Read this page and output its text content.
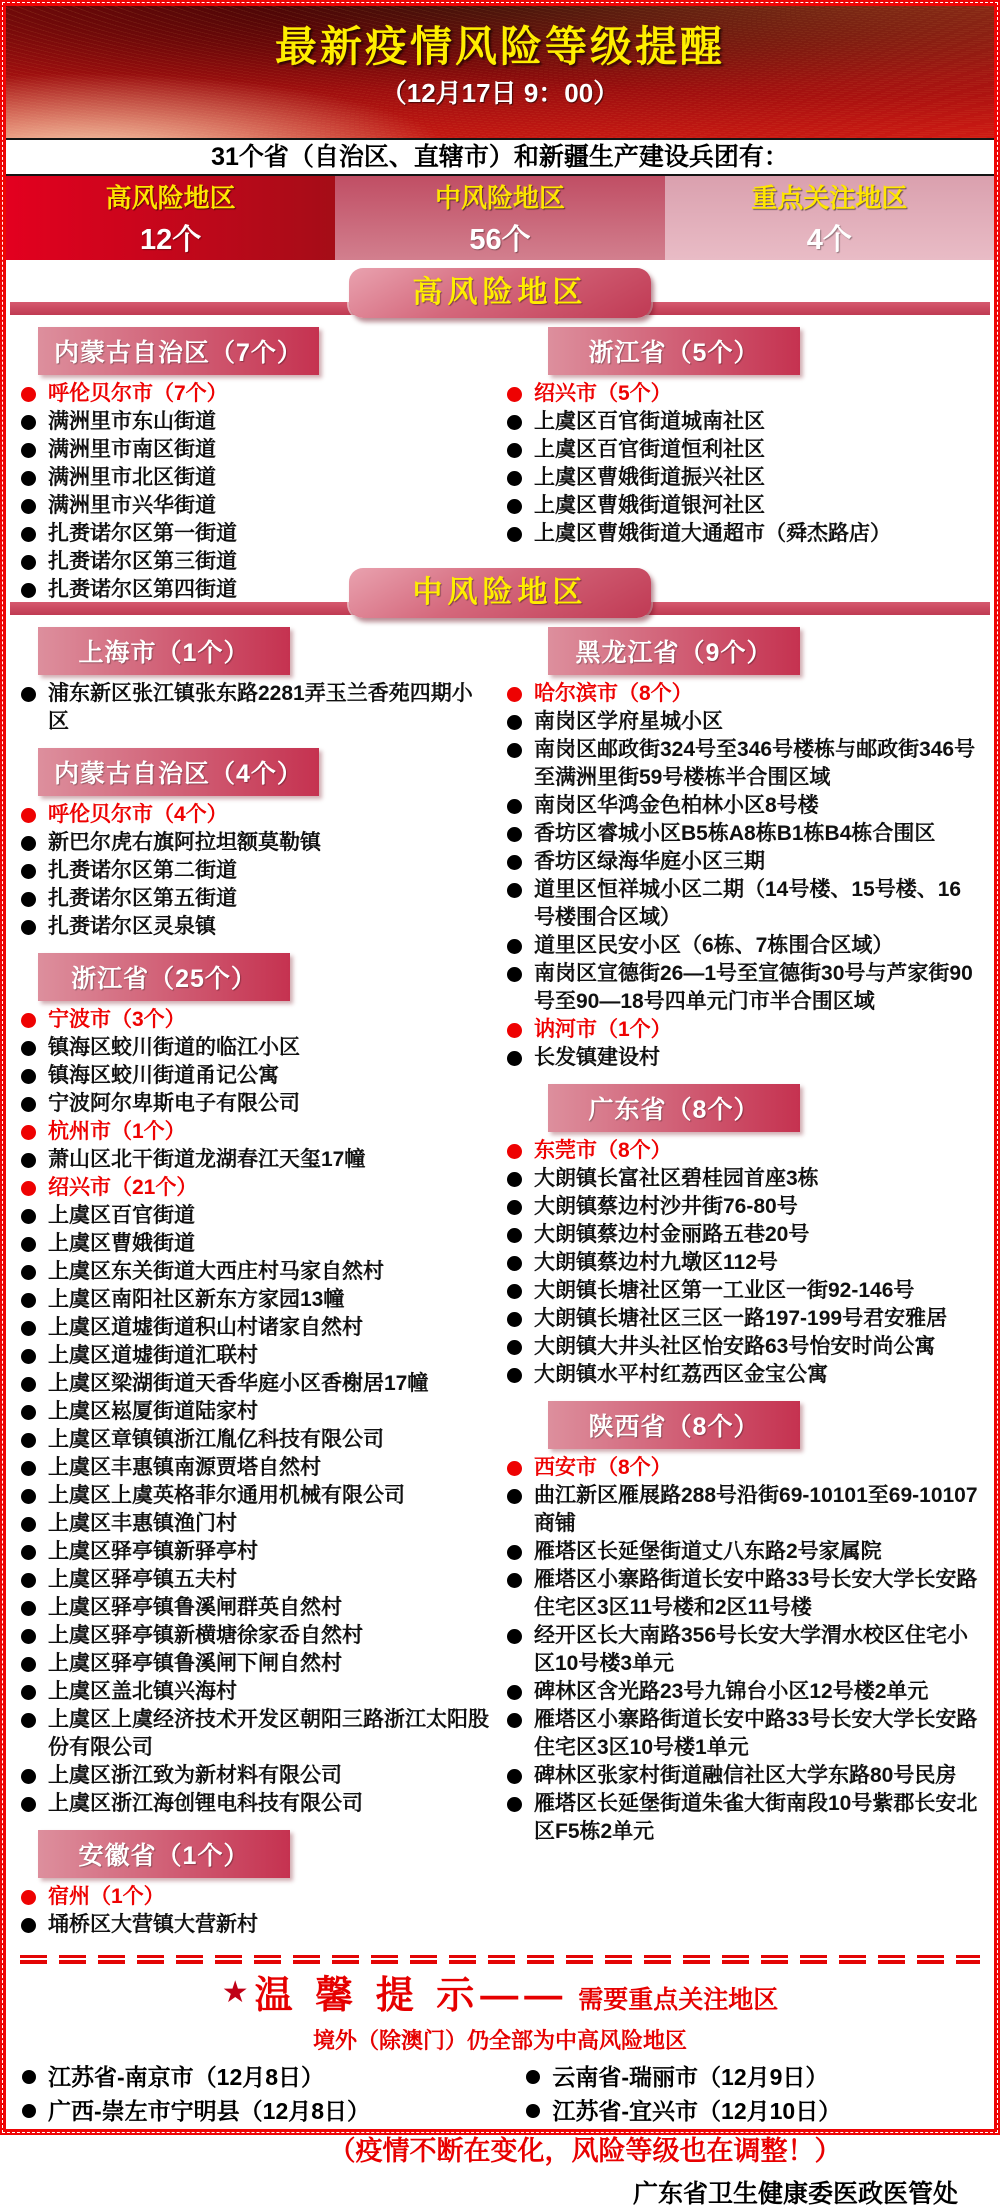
最新疫情风险等级提醒
（12月17日 9：00）
31个省（自治区、直辖市）和新疆生产建设兵团有：
高风险地区
12个
中风险地区
56个
重点关注地区
4个
高风险地区
内蒙古自治区（7个）
呼伦贝尔市（7个）
满洲里市东山街道
满洲里市南区街道
满洲里市北区街道
满洲里市兴华街道
扎赉诺尔区第一街道
扎赉诺尔区第三街道
扎赉诺尔区第四街道
浙江省（5个）
绍兴市（5个）
上虞区百官街道城南社区
上虞区百官街道恒利社区
上虞区曹娥街道振兴社区
上虞区曹娥街道银河社区
上虞区曹娥街道大通超市（舜杰路店）
中风险地区
上海市（1个）
浦东新区张江镇张东路2281弄玉兰香苑四期小区
内蒙古自治区（4个）
呼伦贝尔市（4个）
新巴尔虎右旗阿拉坦额莫勒镇
扎赉诺尔区第二街道
扎赉诺尔区第五街道
扎赉诺尔区灵泉镇
浙江省（25个）
宁波市（3个）
镇海区蛟川街道的临江小区
镇海区蛟川街道甬记公寓
宁波阿尔卑斯电子有限公司
杭州市（1个）
萧山区北干街道龙湖春江天玺17幢
绍兴市（21个）
上虞区百官街道
上虞区曹娥街道
上虞区东关街道大西庄村马家自然村
上虞区南阳社区新东方家园13幢
上虞区道墟街道积山村诸家自然村
上虞区道墟街道汇联村
上虞区梁湖街道天香华庭小区香榭居17幢
上虞区崧厦街道陆家村
上虞区章镇镇浙江胤亿科技有限公司
上虞区丰惠镇南源贾塔自然村
上虞区上虞英格菲尔通用机械有限公司
上虞区丰惠镇渔门村
上虞区驿亭镇新驿亭村
上虞区驿亭镇五夫村
上虞区驿亭镇鲁溪闸群英自然村
上虞区驿亭镇新横塘徐家岙自然村
上虞区驿亭镇鲁溪闸下闸自然村
上虞区盖北镇兴海村
上虞区上虞经济技术开发区朝阳三路浙江太阳股份有限公司
上虞区浙江致为新材料有限公司
上虞区浙江海创锂电科技有限公司
安徽省（1个）
宿州（1个）
埇桥区大营镇大营新村
黑龙江省（9个）
哈尔滨市（8个）
南岗区学府星城小区
南岗区邮政街324号至346号楼栋与邮政街346号至满洲里街59号楼栋半合围区域
南岗区华鸿金色柏林小区8号楼
香坊区睿城小区B5栋A8栋B1栋B4栋合围区
香坊区绿海华庭小区三期
道里区恒祥城小区二期（14号楼、15号楼、16号楼围合区域）
道里区民安小区（6栋、7栋围合区域）
南岗区宣德街26—1号至宣德街30号与芦家街90号至90—18号四单元门市半合围区域
讷河市（1个）
长发镇建设村
广东省（8个）
东莞市（8个）
大朗镇长富社区碧桂园首座3栋
大朗镇蔡边村沙井街76-80号
大朗镇蔡边村金丽路五巷20号
大朗镇蔡边村九墩区112号
大朗镇长塘社区第一工业区一街92-146号
大朗镇长塘社区三区一路197-199号君安雅居
大朗镇大井头社区怡安路63号怡安时尚公寓
大朗镇水平村红荔西区金宝公寓
陕西省（8个）
西安市（8个）
曲江新区雁展路288号沿街69-10101至69-10107商铺
雁塔区长延堡街道丈八东路2号家属院
雁塔区小寨路街道长安中路33号长安大学长安路住宅区3区11号楼和2区11号楼
经开区长大南路356号长安大学渭水校区住宅小区10号楼3单元
碑林区含光路23号九锦台小区12号楼2单元
雁塔区小寨路街道长安中路33号长安大学长安路住宅区3区10号楼1单元
碑林区张家村街道融信社区大学东路80号民房
雁塔区长延堡街道朱雀大街南段10号紫郡长安北区F5栋2单元
★ 温 馨 提 示—— 需要重点关注地区
境外（除澳门）仍全部为中高风险地区
江苏省-南京市（12月8日）	云南省-瑞丽市（12月9日）
广西-崇左市宁明县（12月8日）	江苏省-宜兴市（12月10日）
（疫情不断在变化，风险等级也在调整！）
广东省卫生健康委医政医管处
